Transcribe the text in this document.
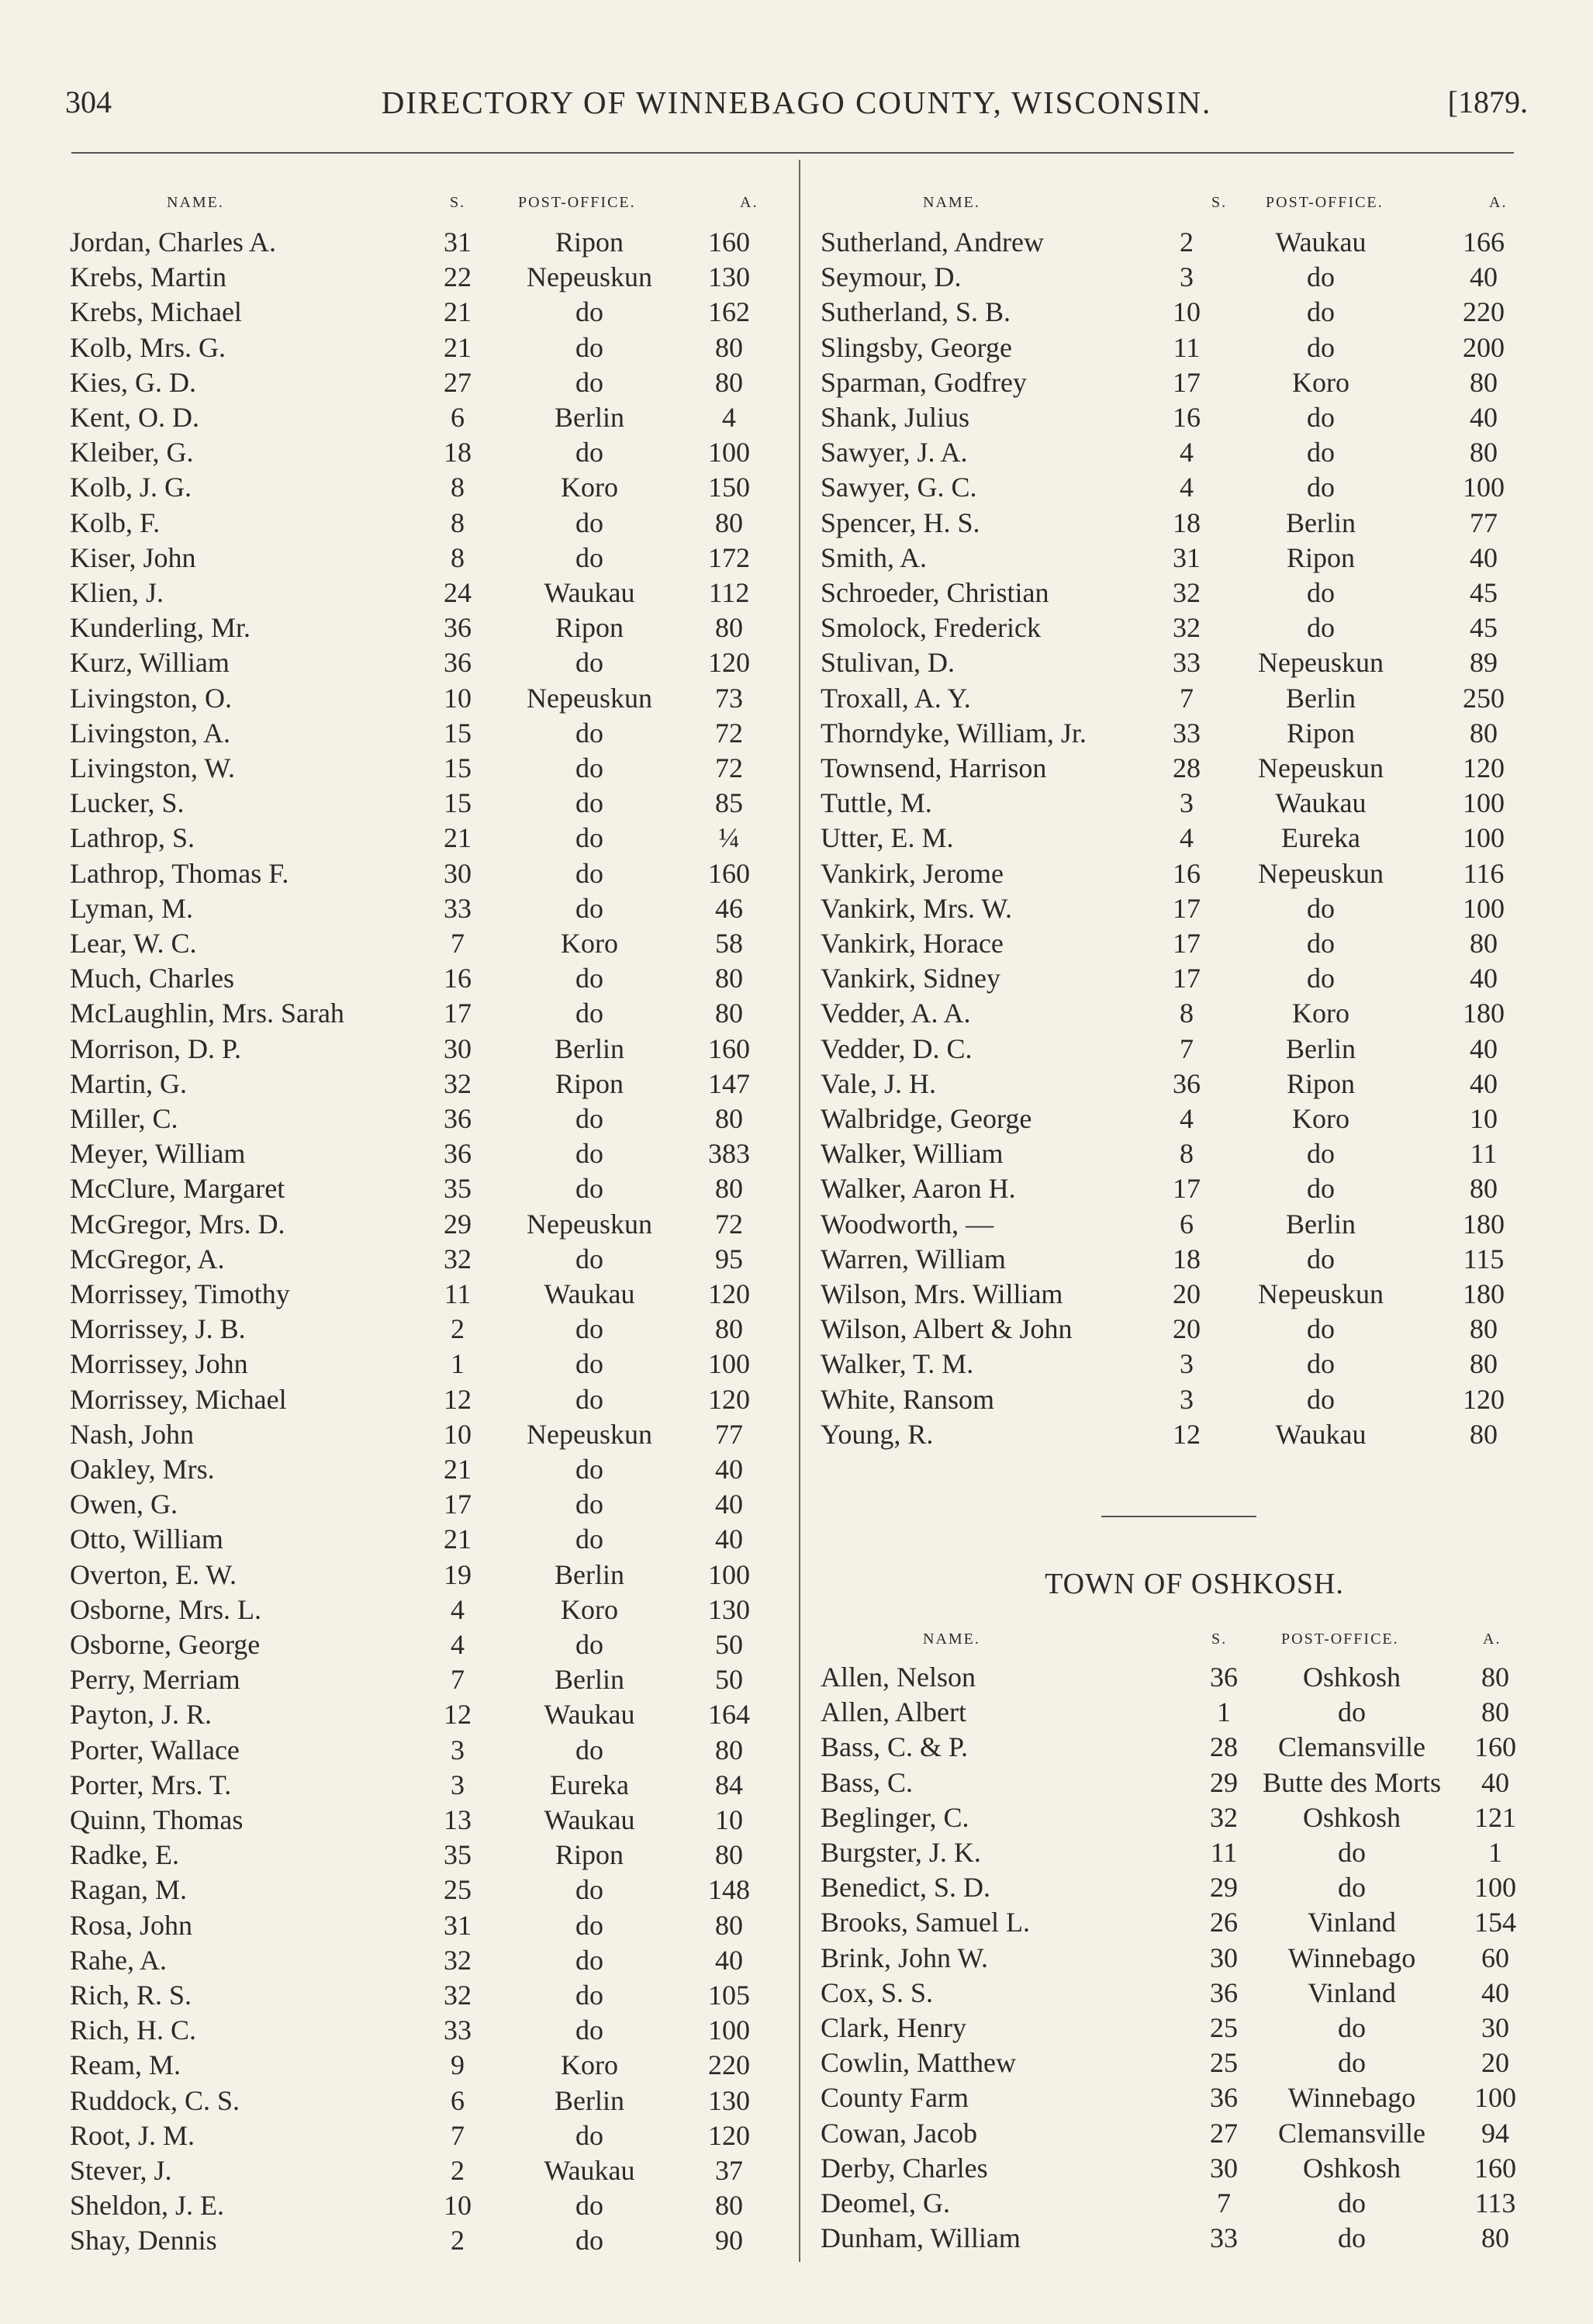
304	DIRECTORY OF WINNEBAGO COUNTY, WISCONSIN.	[1879.
NAME.	S.	POST-OFFICE.	A.	NAME.	S. POST-OFFICE.	A.
Jordan, Charles A.	31	Ripon	160
Krebs, Martin	22	Nepeuskun	130
Krebs, Michael	21	do	162
Kolb, Mrs. G.	21	do	80
Kies, G. D.	27	do	80
Kent, O. D.	6	Berlin	4
Kleiber, G.	18	do	100
Kolb, J. G.	8	Koro	150
Kolb, F.	8	do	80
Kiser, John	8	do	172
Klien, J.	24	Waukau	112
Kunderling, Mr.	36	Ripon	80
Kurz, William	36	do	120
Livingston, O.	10	Nepeuskun	73
Livingston, A.	15	do	72
Livingston, W.	15	do	72
Lucker, S.	15	do	85
Lathrop, S.	21	do	¼
Lathrop, Thomas F.	30	do	160
Lyman, M.	33	do	46
Lear, W. C.	7	Koro	58
Much, Charles	16	do	80
McLaughlin, Mrs. Sarah	17	do	80
Morrison, D. P.	30	Berlin	160
Martin, G.	32	Ripon	147
Miller, C.	36	do	80
Meyer, William	36	do	383
McClure, Margaret	35	do	80
McGregor, Mrs. D.	29	Nepeuskun	72
McGregor, A.	32	do	95
Morrissey, Timothy	11	Waukau	120
Morrissey, J. B.	2	do	80
Morrissey, John	1	do	100
Morrissey, Michael	12	do	120
Nash, John	10	Nepeuskun	77
Oakley, Mrs.	21	do	40
Owen, G.	17	do	40
Otto, William	21	do	40
Overton, E. W.	19	Berlin	100
Osborne, Mrs. L.	4	Koro	130
Osborne, George	4	do	50
Perry, Merriam	7	Berlin	50
Payton, J. R.	12	Waukau	164
Porter, Wallace	3	do	80
Porter, Mrs. T.	3	Eureka	84
Quinn, Thomas	13	Waukau	10
Radke, E.	35	Ripon	80
Ragan, M.	25	do	148
Rosa, John	31	do	80
Rahe, A.	32	do	40
Rich, R. S.	32	do	105
Rich, H. C.	33	do	100
Ream, M.	9	Koro	220
Ruddock, C. S.	6	Berlin	130
Root, J. M.	7	do	120
Stever, J.	2	Waukau	37
Sheldon, J. E.	10	do	80
Shay, Dennis	2	do	90
Sutherland, Andrew	2	Waukau	166
Seymour, D.	3	do	40
Sutherland, S. B.	10	do	220
Slingsby, George	11	do	200
Sparman, Godfrey	17	Koro	80
Shank, Julius	16	do	40
Sawyer, J. A.	4	do	80
Sawyer, G. C.	4	do	100
Spencer, H. S.	18	Berlin	77
Smith, A.	31	Ripon	40
Schroeder, Christian	32	do	45
Smolock, Frederick	32	do	45
Stulivan, D.	33	Nepeuskun	89
Troxall, A. Y.	7	Berlin	250
Thorndyke, William, Jr.	33	Ripon	80
Townsend, Harrison	28	Nepeuskun	120
Tuttle, M.	3	Waukau	100
Utter, E. M.	4	Eureka	100
Vankirk, Jerome	16	Nepeuskun	116
Vankirk, Mrs. W.	17	do	100
Vankirk, Horace	17	do	80
Vankirk, Sidney	17	do	40
Vedder, A. A.	8	Koro	180
Vedder, D. C.	7	Berlin	40
Vale, J. H.	36	Ripon	40
Walbridge, George	4	Koro	10
Walker, William	8	do	11
Walker, Aaron H.	17	do	80
Woodworth, —	6	Berlin	180
Warren, William	18	do	115
Wilson, Mrs. William	20	Nepeuskun	180
Wilson, Albert & John	20	do	80
Walker, T. M.	3	do	80
White, Ransom	3	do	120
Young, R.	12	Waukau	80
TOWN OF OSHKOSH.
NAME.	S.	POST-OFFICE.	A.
Allen, Nelson	36	Oshkosh	80
Allen, Albert	1	do	80
Bass, C. & P.	28	Clemansville	160
Bass, C.	29 Butte des Morts	40
Beglinger, C.	32	Oshkosh	121
Burgster, J. K.	11	do	1
Benedict, S. D.	29	do	100
Brooks, Samuel L.	26	Vinland	154
Brink, John W.	30	Winnebago	60
Cox, S. S.	36	Vinland	40
Clark, Henry	25	do	30
Cowlin, Matthew	25	do	20
County Farm	36	Winnebago	100
Cowan, Jacob	27	Clemansville	94
Derby, Charles	30	Oshkosh	160
Deomel, G.	7	do	113
Dunham, William	33	do	80
